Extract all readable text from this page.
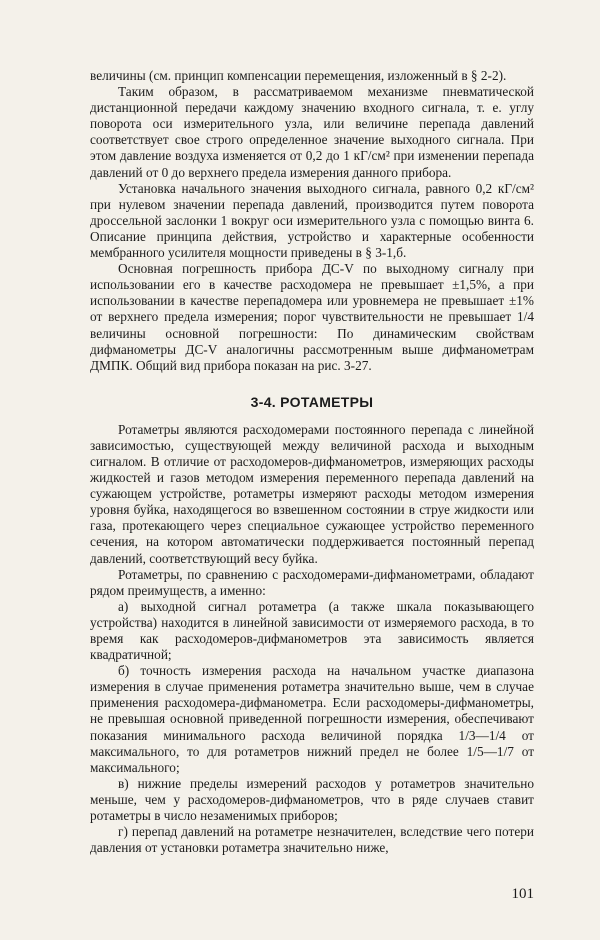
величины (см. принцип компенсации перемещения, изложенный в § 2-2).

Таким образом, в рассматриваемом механизме пневматической дистанционной передачи каждому значению входного сигнала, т. е. углу поворота оси измерительного узла, или величине перепада давлений соответствует свое строго определенное значение выходного сигнала. При этом давление воздуха изменяется от 0,2 до 1 кГ/см² при изменении перепада давлений от 0 до верхнего предела измерения данного прибора.

Установка начального значения выходного сигнала, равного 0,2 кГ/см² при нулевом значении перепада давлений, производится путем поворота дроссельной заслонки 1 вокруг оси измерительного узла с помощью винта 6. Описание принципа действия, устройство и характерные особенности мембранного усилителя мощности приведены в § 3-1,б.

Основная погрешность прибора ДС-V по выходному сигналу при использовании его в качестве расходомера не превышает ±1,5%, а при использовании в качестве перепадомера или уровнемера не превышает ±1% от верхнего предела измерения; порог чувствительности не превышает 1/4 величины основной погрешности: По динамическим свойствам дифманометры ДС-V аналогичны рассмотренным выше дифманометрам ДМПК. Общий вид прибора показан на рис. 3-27.

3-4. РОТАМЕТРЫ

Ротаметры являются расходомерами постоянного перепада с линейной зависимостью, существующей между величиной расхода и выходным сигналом. В отличие от расходомеров-дифманометров, измеряющих расходы жидкостей и газов методом измерения переменного перепада давлений на сужающем устройстве, ротаметры измеряют расходы методом измерения уровня буйка, находящегося во взвешенном состоянии в струе жидкости или газа, протекающего через специальное сужающее устройство переменного сечения, на котором автоматически поддерживается постоянный перепад давлений, соответствующий весу буйка.

Ротаметры, по сравнению с расходомерами-дифманометрами, обладают рядом преимуществ, а именно:

а) выходной сигнал ротаметра (а также шкала показывающего устройства) находится в линейной зависимости от измеряемого расхода, в то время как расходомеров-дифманометров эта зависимость является квадратичной;

б) точность измерения расхода на начальном участке диапазона измерения в случае применения ротаметра значительно выше, чем в случае применения расходомера-дифманометра. Если расходомеры-дифманометры, не превышая основной приведенной погрешности измерения, обеспечивают показания минимального расхода величиной порядка 1/3—1/4 от максимального, то для ротаметров нижний предел не более 1/5—1/7 от максимального;

в) нижние пределы измерений расходов у ротаметров значительно меньше, чем у расходомеров-дифманометров, что в ряде случаев ставит ротаметры в число незаменимых приборов;

г) перепад давлений на ротаметре незначителен, вследствие чего потери давления от установки ротаметра значительно ниже,

101
